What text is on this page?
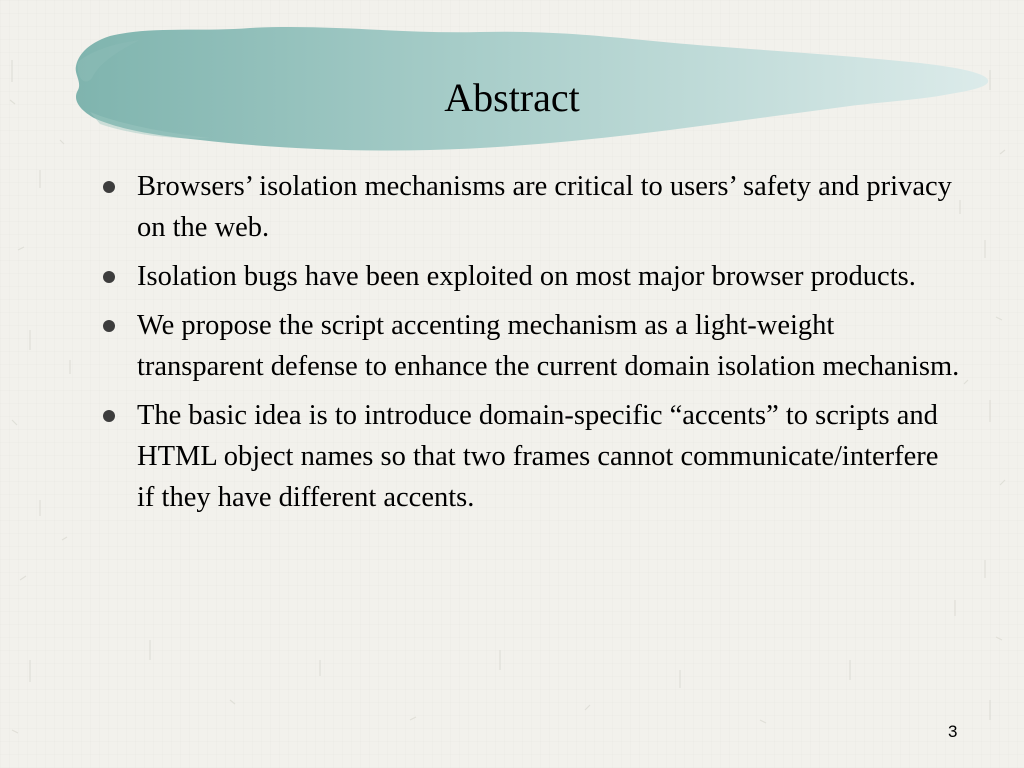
Abstract
Browsers’ isolation mechanisms are critical to users’ safety and privacy on the web.
Isolation bugs have been exploited on most major browser products.
We propose the script accenting mechanism as a light-weight transparent defense to enhance the current domain isolation mechanism.
The basic idea is to introduce domain-specific “accents” to scripts and HTML object names so that two frames cannot communicate/interfere if they have different accents.
3
